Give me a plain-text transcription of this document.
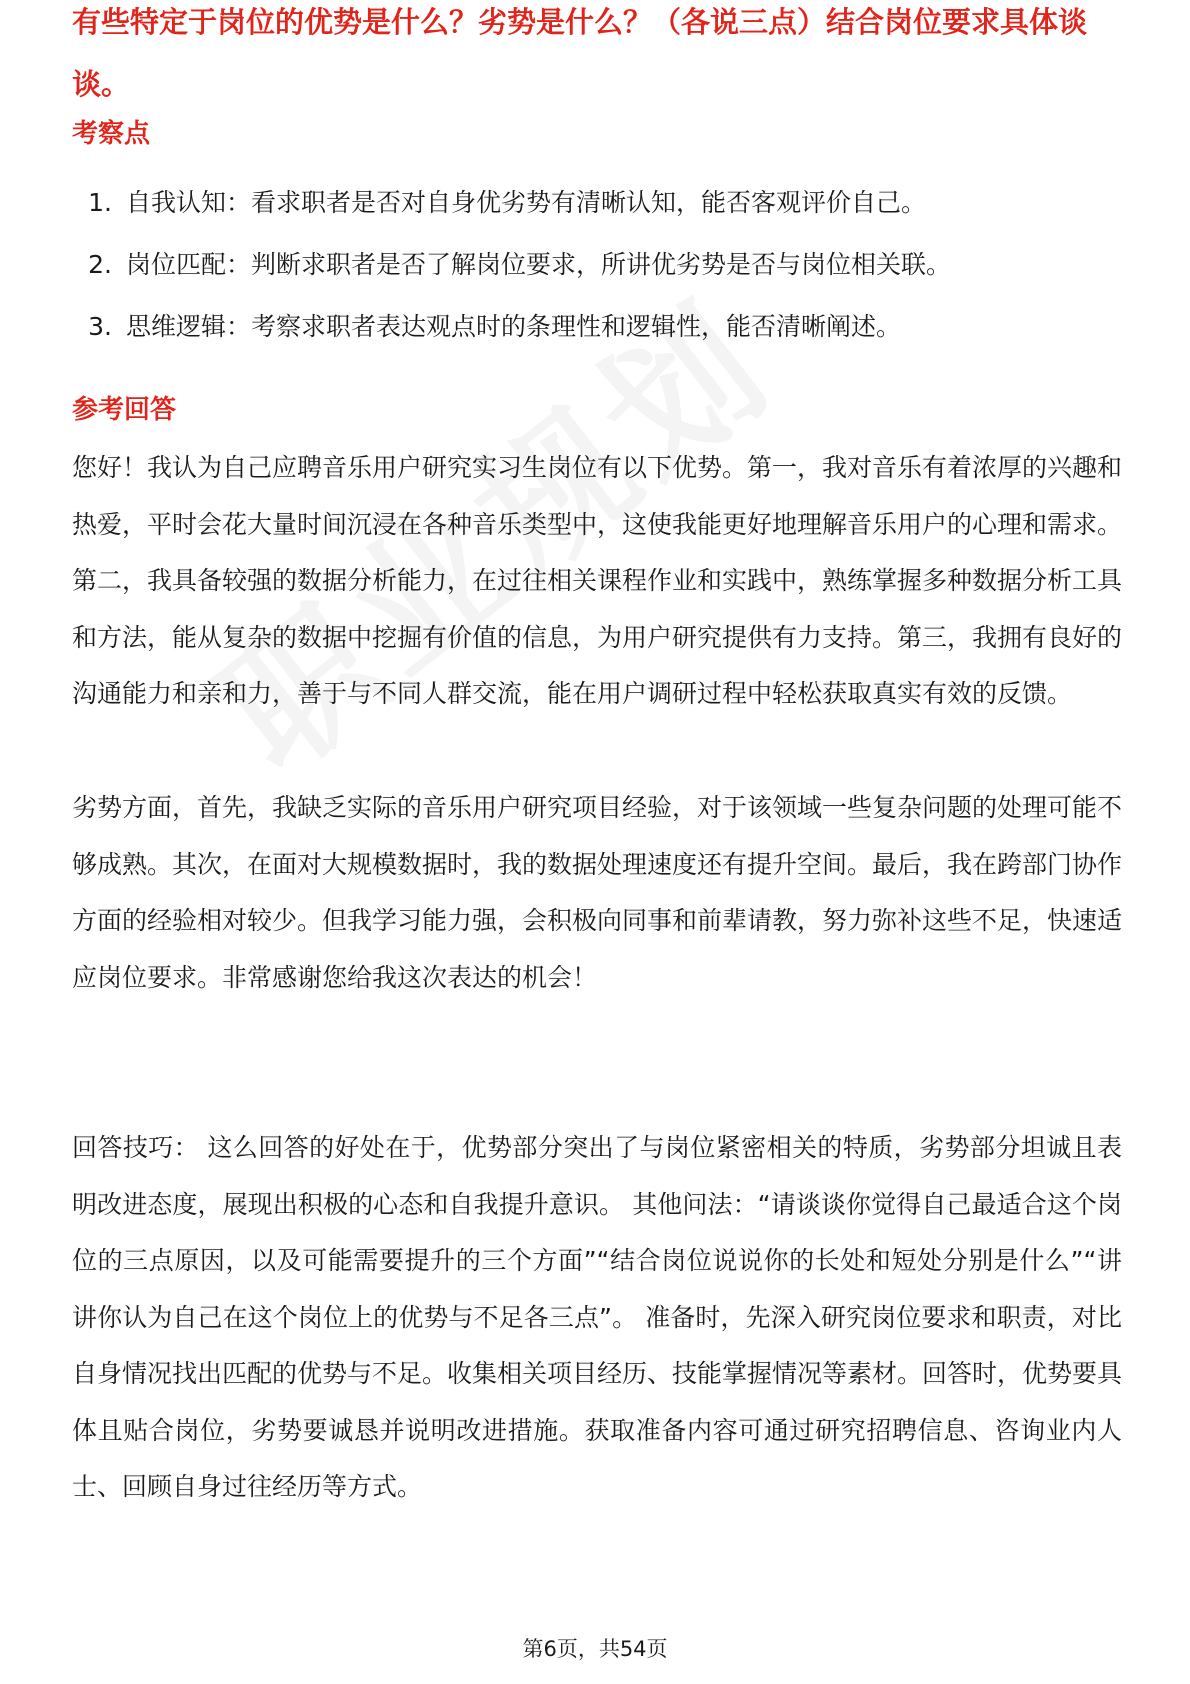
有些特定于岗位的优势是什么？劣势是什么？（各说三点）结合岗位要求具体谈
谈。
考察点
1. 自我认知：看求职者是否对自身优劣势有清晰认知，能否客观评价自己。
2. 岗位匹配：判断求职者是否了解岗位要求，所讲优劣势是否与岗位相关联。
3. 思维逻辑：考察求职者表达观点时的条理性和逻辑性，能否清晰阐述。
参考回答
您好！我认为自己应聘音乐用户研究实习生岗位有以下优势。第一，我对音乐有着浓厚的兴趣和热爱，平时会花大量时间沉浸在各种音乐类型中，这使我能更好地理解音乐用户的心理和需求。第二，我具备较强的数据分析能力，在过往相关课程作业和实践中，熟练掌握多种数据分析工具和方法，能从复杂的数据中挖掘有价值的信息，为用户研究提供有力支持。第三，我拥有良好的沟通能力和亲和力，善于与不同人群交流，能在用户调研过程中轻松获取真实有效的反馈。
劣势方面，首先，我缺乏实际的音乐用户研究项目经验，对于该领域一些复杂问题的处理可能不够成熟。其次，在面对大规模数据时，我的数据处理速度还有提升空间。最后，我在跨部门协作方面的经验相对较少。但我学习能力强，会积极向同事和前辈请教，努力弥补这些不足，快速适应岗位要求。非常感谢您给我这次表达的机会！
回答技巧： 这么回答的好处在于，优势部分突出了与岗位紧密相关的特质，劣势部分坦诚且表明改进态度，展现出积极的心态和自我提升意识。 其他问法：“请谈谈你觉得自己最适合这个岗位的三点原因，以及可能需要提升的三个方面”“结合岗位说说你的长处和短处分别是什么”“讲讲你认为自己在这个岗位上的优势与不足各三点”。 准备时，先深入研究岗位要求和职责，对比自身情况找出匹配的优势与不足。收集相关项目经历、技能掌握情况等素材。回答时，优势要具体且贴合岗位，劣势要诚恳并说明改进措施。获取准备内容可通过研究招聘信息、咨询业内人士、回顾自身过往经历等方式。
第6页，共54页
